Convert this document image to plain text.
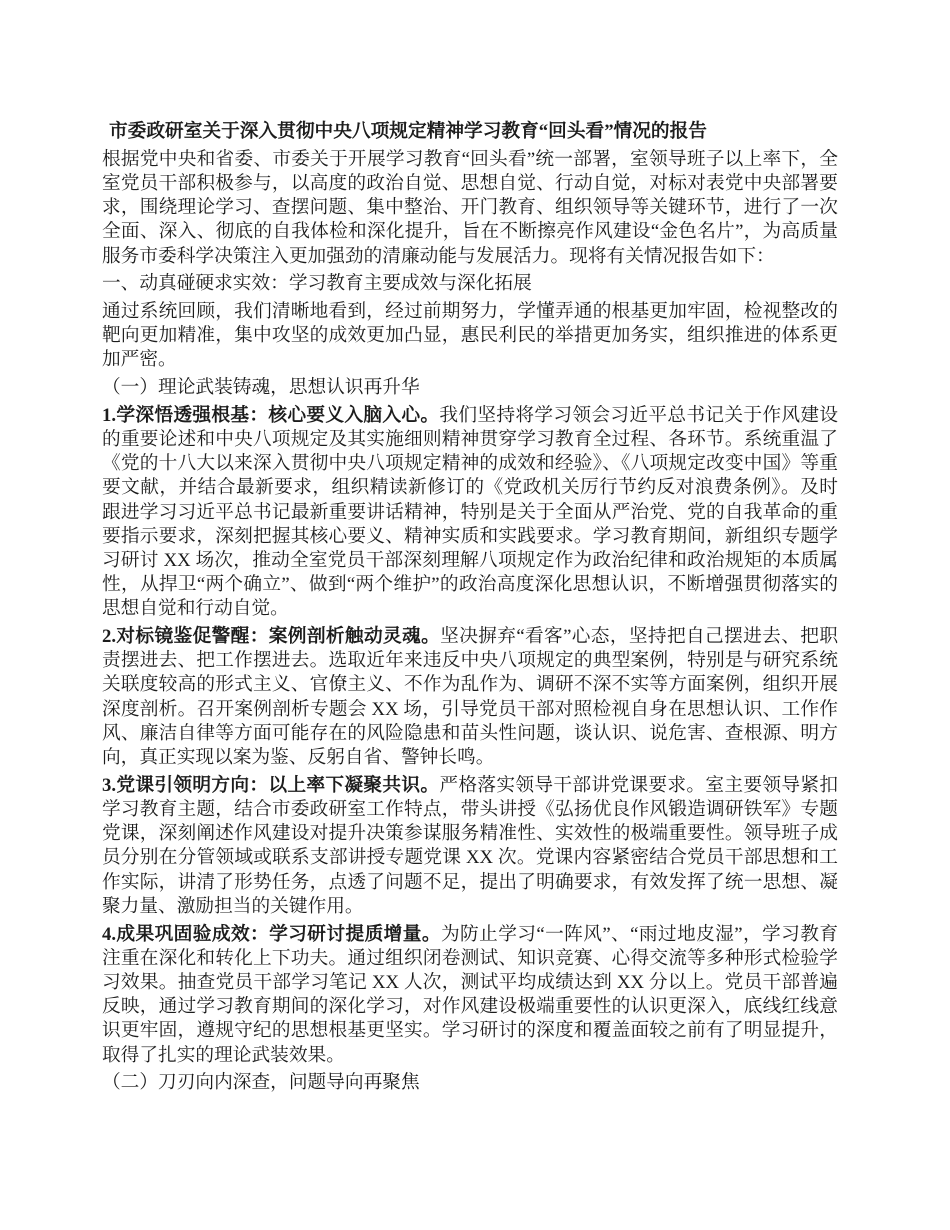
市委政研室关于深入贯彻中央八项规定精神学习教育“回头看”情况的报告

根据党中央和省委、市委关于开展学习教育“回头看”统一部署，室领导班子以上率下，全室党员干部积极参与，以高度的政治自觉、思想自觉、行动自觉，对标对表党中央部署要求，围绕理论学习、查摆问题、集中整治、开门教育、组织领导等关键环节，进行了一次全面、深入、彻底的自我体检和深化提升，旨在不断擦亮作风建设“金色名片”，为高质量服务市委科学决策注入更加强劲的清廉动能与发展活力。现将有关情况报告如下：

一、动真碰硬求实效：学习教育主要成效与深化拓展

通过系统回顾，我们清晰地看到，经过前期努力，学懂弄通的根基更加牢固，检视整改的靶向更加精准，集中攻坚的成效更加凸显，惠民利民的举措更加务实，组织推进的体系更加严密。

（一）理论武装铸魂，思想认识再升华

1.学深悟透强根基：核心要义入脑入心。我们坚持将学习领会习近平总书记关于作风建设的重要论述和中央八项规定及其实施细则精神贯穿学习教育全过程、各环节。系统重温了《党的十八大以来深入贯彻中央八项规定精神的成效和经验》、《八项规定改变中国》等重要文献，并结合最新要求，组织精读新修订的《党政机关厉行节约反对浪费条例》。及时跟进学习习近平总书记最新重要讲话精神，特别是关于全面从严治党、党的自我革命的重要指示要求，深刻把握其核心要义、精神实质和实践要求。学习教育期间，新组织专题学习研讨 XX 场次，推动全室党员干部深刻理解八项规定作为政治纪律和政治规矩的本质属性，从捍卫“两个确立”、做到“两个维护”的政治高度深化思想认识，不断增强贯彻落实的思想自觉和行动自觉。

2.对标镜鉴促警醒：案例剖析触动灵魂。坚决摒弃“看客”心态，坚持把自己摆进去、把职责摆进去、把工作摆进去。选取近年来违反中央八项规定的典型案例，特别是与研究系统关联度较高的形式主义、官僚主义、不作为乱作为、调研不深不实等方面案例，组织开展深度剖析。召开案例剖析专题会 XX 场，引导党员干部对照检视自身在思想认识、工作作风、廉洁自律等方面可能存在的风险隐患和苗头性问题，谈认识、说危害、查根源、明方向，真正实现以案为鉴、反躬自省、警钟长鸣。

3.党课引领明方向：以上率下凝聚共识。严格落实领导干部讲党课要求。室主要领导紧扣学习教育主题，结合市委政研室工作特点，带头讲授《弘扬优良作风锻造调研铁军》专题党课，深刻阐述作风建设对提升决策参谋服务精准性、实效性的极端重要性。领导班子成员分别在分管领域或联系支部讲授专题党课 XX 次。党课内容紧密结合党员干部思想和工作实际，讲清了形势任务，点透了问题不足，提出了明确要求，有效发挥了统一思想、凝聚力量、激励担当的关键作用。

4.成果巩固验成效：学习研讨提质增量。为防止学习“一阵风”、“雨过地皮湿”，学习教育注重在深化和转化上下功夫。通过组织闭卷测试、知识竞赛、心得交流等多种形式检验学习效果。抽查党员干部学习笔记 XX 人次，测试平均成绩达到 XX 分以上。党员干部普遍反映，通过学习教育期间的深化学习，对作风建设极端重要性的认识更深入，底线红线意识更牢固，遵规守纪的思想根基更坚实。学习研讨的深度和覆盖面较之前有了明显提升，取得了扎实的理论武装效果。

（二）刀刃向内深查，问题导向再聚焦
